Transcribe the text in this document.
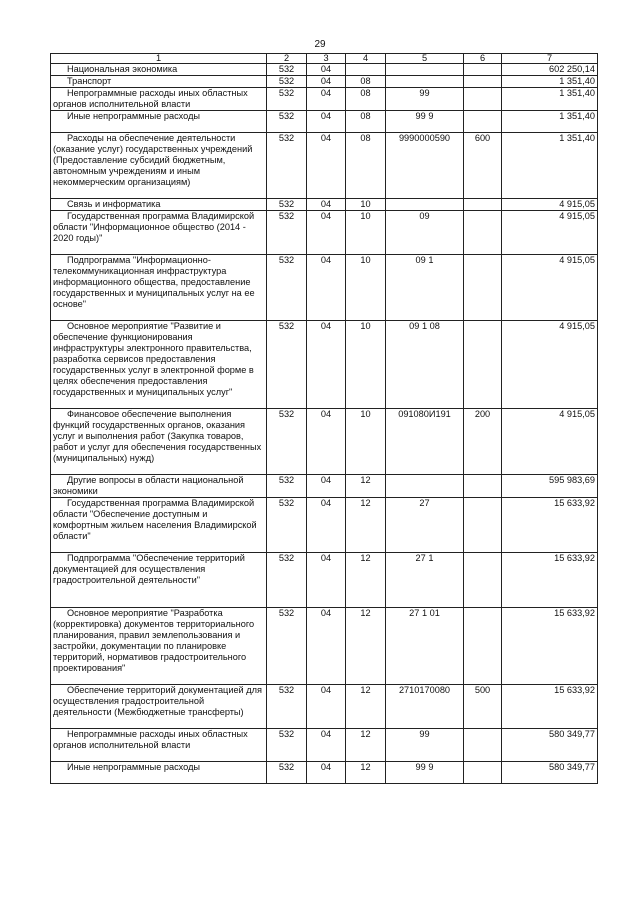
29
1	2	3	4	5	6	7
Национальная экономика	532	04				602 250,14
Транспорт	532	04	08			1 351,40
Непрограммные расходы иных областных органов исполнительной власти	532	04	08	99		1 351,40
Иные непрограммные расходы	532	04	08	99 9		1 351,40
Расходы на обеспечение деятельности (оказание услуг) государственных учреждений (Предоставление субсидий бюджетным, автономным учреждениям и иным некоммерческим организациям)	532	04	08	9990000590	600	1 351,40
Связь и информатика	532	04	10			4 915,05
Государственная программа Владимирской области "Информационное общество (2014 - 2020 годы)"	532	04	10	09		4 915,05
Подпрограмма "Информационно-телекоммуникационная инфраструктура информационного общества, предоставление государственных и муниципальных услуг на ее основе"	532	04	10	09 1		4 915,05
Основное мероприятие "Развитие и обеспечение функционирования инфраструктуры электронного правительства, разработка сервисов предоставления государственных услуг в электронной форме в целях обеспечения предоставления государственных и муниципальных услуг"	532	04	10	09 1 08		4 915,05
Финансовое обеспечение выполнения функций государственных органов, оказания услуг и выполнения работ (Закупка товаров, работ и услуг для обеспечения государственных (муниципальных) нужд)	532	04	10	091080И191	200	4 915,05
Другие вопросы в области национальной экономики	532	04	12			595 983,69
Государственная программа Владимирской области "Обеспечение доступным и комфортным жильем населения Владимирской области"	532	04	12	27		15 633,92
Подпрограмма "Обеспечение территорий документацией для осуществления градостроительной деятельности"	532	04	12	27 1		15 633,92
Основное мероприятие "Разработка (корректировка) документов территориального планирования, правил землепользования и застройки, документации по планировке территорий, нормативов градостроительного проектирования"	532	04	12	27 1 01		15 633,92
Обеспечение территорий документацией для осуществления градостроительной деятельности (Межбюджетные трансферты)	532	04	12	2710170080	500	15 633,92
Непрограммные расходы иных областных органов исполнительной власти	532	04	12	99		580 349,77
Иные непрограммные расходы	532	04	12	99 9		580 349,77
